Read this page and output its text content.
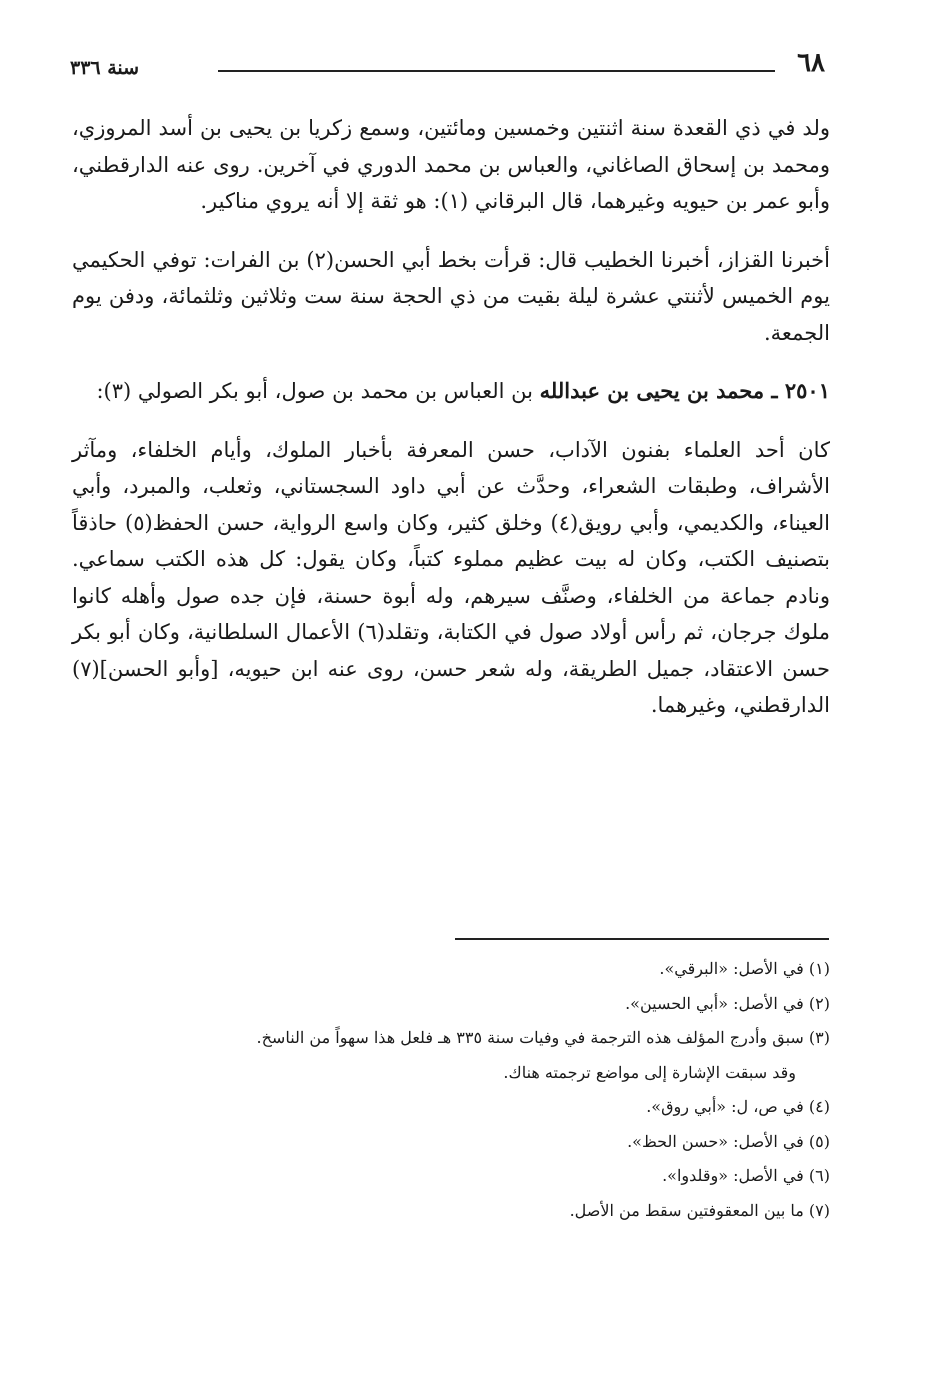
٦٨
سنة ٣٣٦

ولد في ذي القعدة سنة اثنتين وخمسين ومائتين، وسمع زكريا بن يحيى بن أسد المروزي، ومحمد بن إسحاق الصاغاني، والعباس بن محمد الدوري في آخرين. روى عنه الدارقطني، وأبو عمر بن حيويه وغيرهما، قال البرقاني (١): هو ثقة إلا أنه يروي مناكير.

أخبرنا القزاز، أخبرنا الخطيب قال: قرأت بخط أبي الحسن(٢) بن الفرات: توفي الحكيمي يوم الخميس لأثنتي عشرة ليلة بقيت من ذي الحجة سنة ست وثلاثين وثلثمائة، ودفن يوم الجمعة.

٢٥٠١ ـ محمد بن يحيى بن عبدالله بن العباس بن محمد بن صول، أبو بكر الصولي (٣):

كان أحد العلماء بفنون الآداب، حسن المعرفة بأخبار الملوك، وأيام الخلفاء، ومآثر الأشراف، وطبقات الشعراء، وحدَّث عن أبي داود السجستاني، وثعلب، والمبرد، وأبي العيناء، والكديمي، وأبي رويق(٤) وخلق كثير، وكان واسع الرواية، حسن الحفظ(٥) حاذقاً بتصنيف الكتب، وكان له بيت عظيم مملوء كتباً، وكان يقول: كل هذه الكتب سماعي. ونادم جماعة من الخلفاء، وصنَّف سيرهم، وله أبوة حسنة، فإن جده صول وأهله كانوا ملوك جرجان، ثم رأس أولاد صول في الكتابة، وتقلد(٦) الأعمال السلطانية، وكان أبو بكر حسن الاعتقاد، جميل الطريقة، وله شعر حسن، روى عنه ابن حيويه، [وأبو الحسن](٧) الدارقطني، وغيرهما.

(١) في الأصل: «البرقي».
(٢) في الأصل: «أبي الحسين».
(٣) سبق وأدرج المؤلف هذه الترجمة في وفيات سنة ٣٣٥ هـ فلعل هذا سهواً من الناسخ.
وقد سبقت الإشارة إلى مواضع ترجمته هناك.
(٤) في ص، ل: «أبي روق».
(٥) في الأصل: «حسن الحظ».
(٦) في الأصل: «وقلدوا».
(٧) ما بين المعقوفتين سقط من الأصل.
